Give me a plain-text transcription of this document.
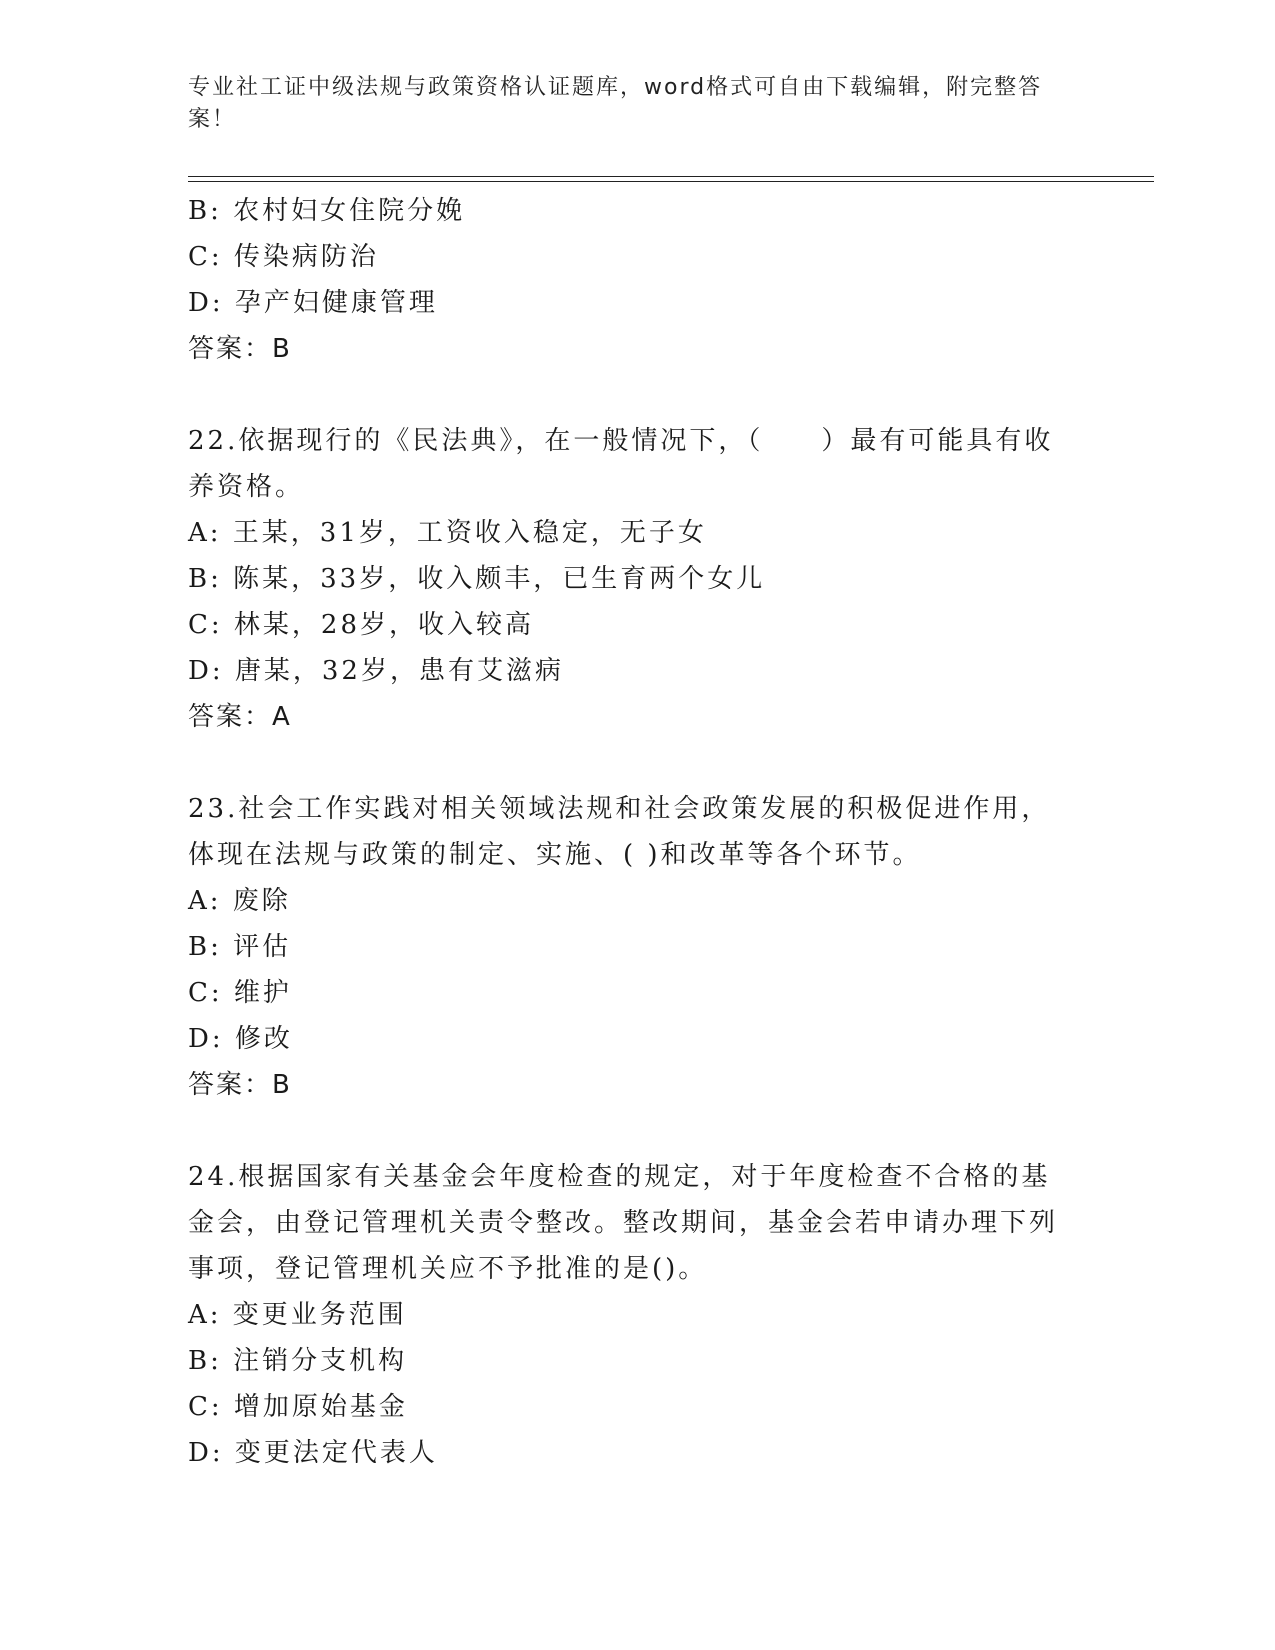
专业社工证中级法规与政策资格认证题库，word格式可自由下载编辑，附完整答案！
B: 农村妇女住院分娩
C: 传染病防治
D: 孕产妇健康管理
答案：B
22.依据现行的《民法典》，在一般情况下，（　　）最有可能具有收养资格。
A: 王某，31岁，工资收入稳定，无子女
B: 陈某，33岁，收入颇丰，已生育两个女儿
C: 林某，28岁，收入较高
D: 唐某，32岁，患有艾滋病
答案：A
23.社会工作实践对相关领域法规和社会政策发展的积极促进作用，体现在法规与政策的制定、实施、( )和改革等各个环节。
A: 废除
B: 评估
C: 维护
D: 修改
答案：B
24.根据国家有关基金会年度检查的规定，对于年度检查不合格的基金会，由登记管理机关责令整改。整改期间，基金会若申请办理下列事项，登记管理机关应不予批准的是()。
A: 变更业务范围
B: 注销分支机构
C: 增加原始基金
D: 变更法定代表人
